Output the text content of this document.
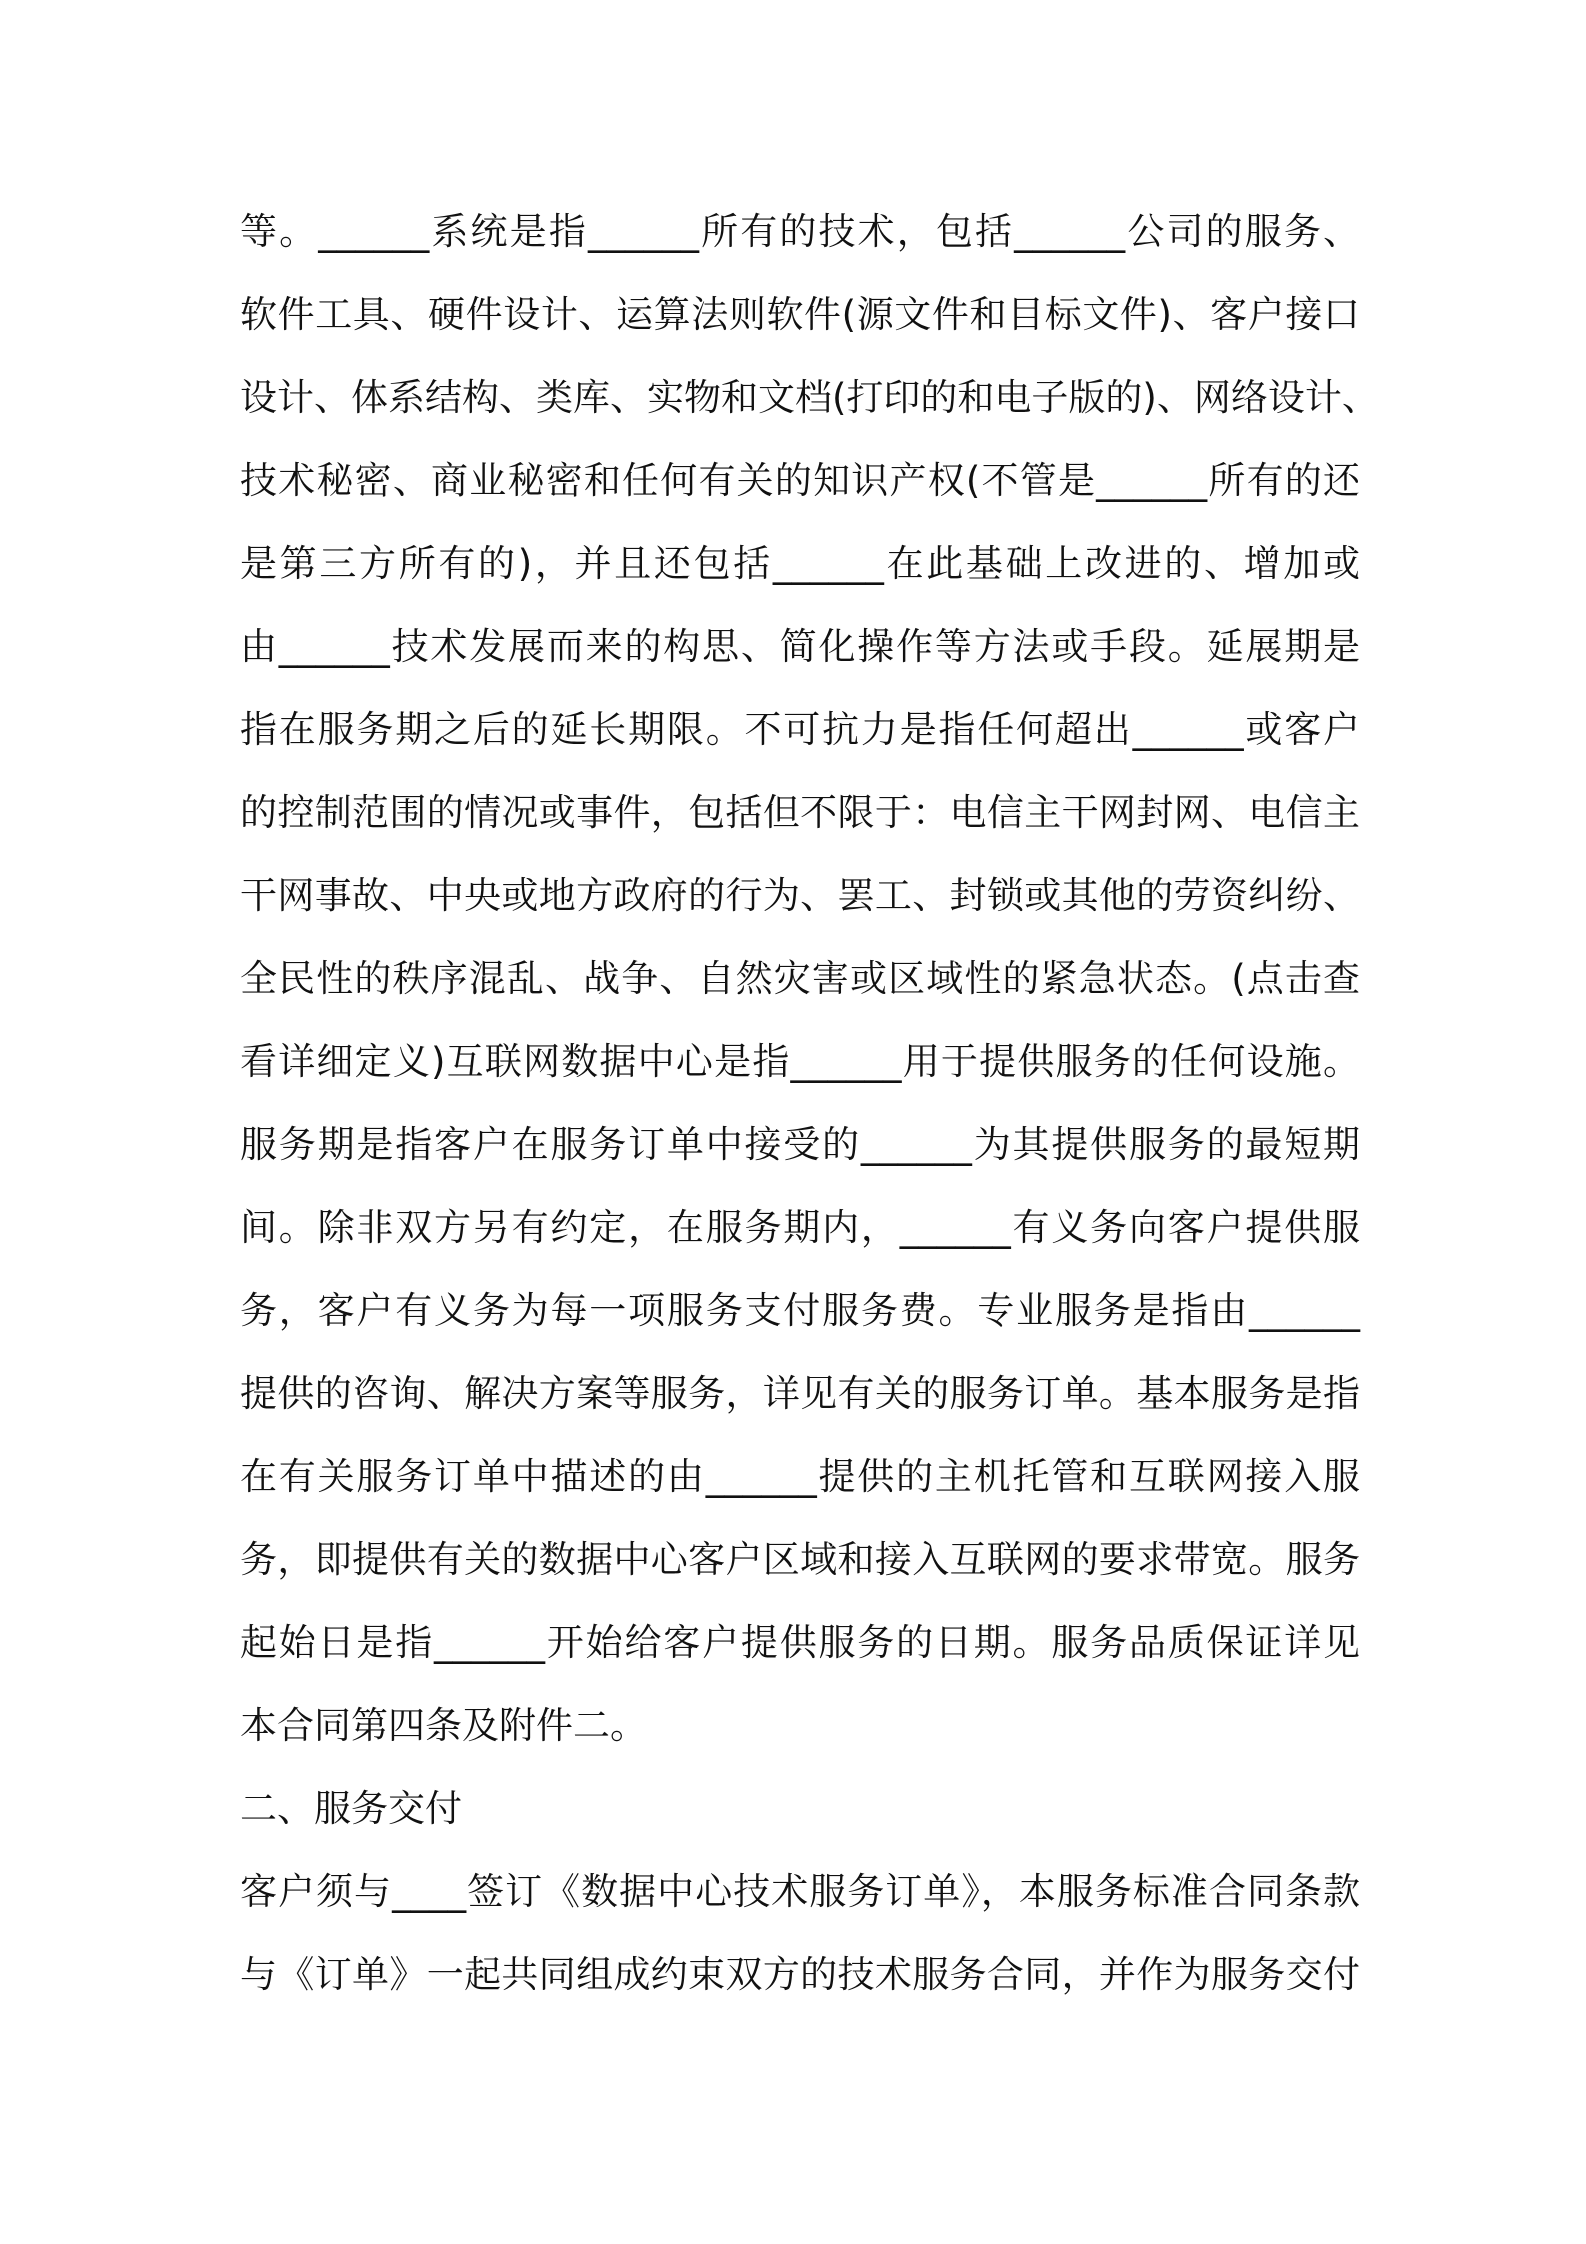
等。______系统是指______所有的技术，包括______公司的服务、
软件工具、硬件设计、运算法则软件(源文件和目标文件)、客户接口
设计、体系结构、类库、实物和文档(打印的和电子版的)、网络设计、
技术秘密、商业秘密和任何有关的知识产权(不管是______所有的还
是第三方所有的)，并且还包括______在此基础上改进的、增加或
由______技术发展而来的构思、简化操作等方法或手段。延展期是
指在服务期之后的延长期限。不可抗力是指任何超出______或客户
的控制范围的情况或事件，包括但不限于：电信主干网封网、电信主
干网事故、中央或地方政府的行为、罢工、封锁或其他的劳资纠纷、
全民性的秩序混乱、战争、自然灾害或区域性的紧急状态。(点击查
看详细定义)互联网数据中心是指______用于提供服务的任何设施。
服务期是指客户在服务订单中接受的______为其提供服务的最短期
间。除非双方另有约定，在服务期内，______有义务向客户提供服
务，客户有义务为每一项服务支付服务费。专业服务是指由______
提供的咨询、解决方案等服务，详见有关的服务订单。基本服务是指
在有关服务订单中描述的由______提供的主机托管和互联网接入服
务，即提供有关的数据中心客户区域和接入互联网的要求带宽。服务
起始日是指______开始给客户提供服务的日期。服务品质保证详见
本合同第四条及附件二。
二、服务交付
客户须与____签订《数据中心技术服务订单》，本服务标准合同条款
与《订单》一起共同组成约束双方的技术服务合同，并作为服务交付
